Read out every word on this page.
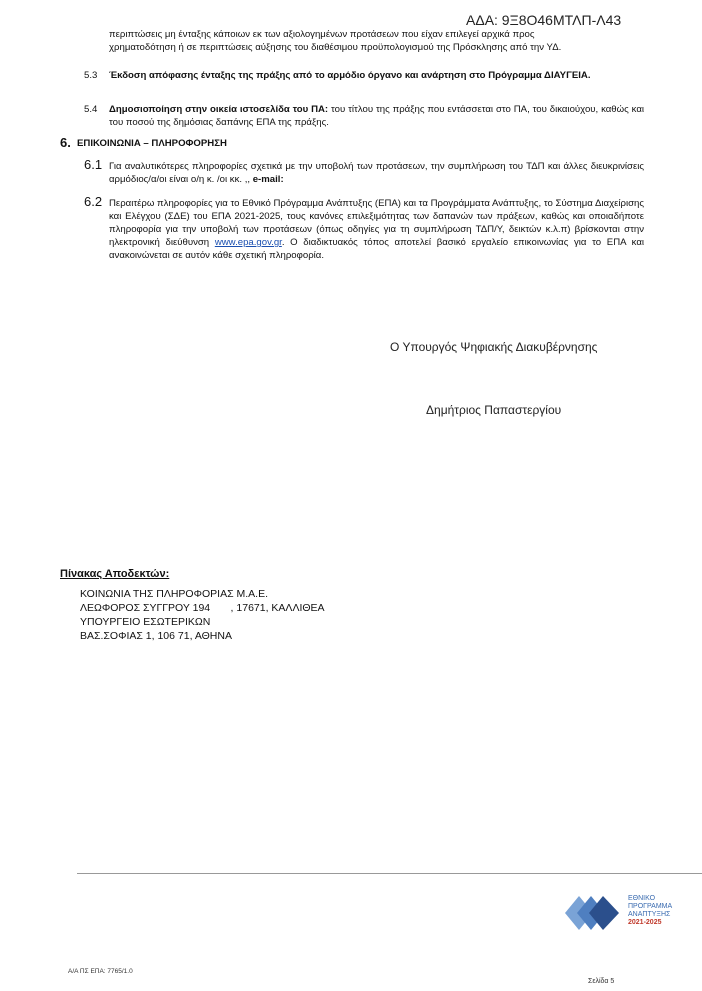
ΑΔΑ: 9Ξ8Ο46ΜΤΛΠ-Λ43
περιπτώσεις μη ένταξης κάποιων εκ των αξιολογημένων προτάσεων που είχαν επιλεγεί αρχικά προς
χρηματοδότηση ή σε περιπτώσεις αύξησης του διαθέσιμου προϋπολογισμού της Πρόσκλησης από την ΥΔ.
5.3 Έκδοση απόφασης ένταξης της πράξης από το αρμόδιο όργανο και ανάρτηση στο Πρόγραμμα ΔΙΑΥΓΕΙΑ.
5.4 Δημοσιοποίηση στην οικεία ιστοσελίδα του ΠΑ: του τίτλου της πράξης που εντάσσεται στο ΠΑ, του δικαιούχου, καθώς και του ποσού της δημόσιας δαπάνης ΕΠΑ της πράξης.
6. ΕΠΙΚΟΙΝΩΝΙΑ – ΠΛΗΡΟΦΟΡΗΣΗ
6.1 Για αναλυτικότερες πληροφορίες σχετικά με την υποβολή των προτάσεων, την συμπλήρωση του ΤΔΠ και άλλες διευκρινίσεις αρμόδιος/α/οι είναι ο/η κ. /οι κκ. ,, e-mail:
6.2 Περαιτέρω πληροφορίες για το Εθνικό Πρόγραμμα Ανάπτυξης (ΕΠΑ) και τα Προγράμματα Ανάπτυξης, το Σύστημα Διαχείρισης και Ελέγχου (ΣΔΕ) του ΕΠΑ 2021-2025, τους κανόνες επιλεξιμότητας των δαπανών των πράξεων, καθώς και οποιαδήποτε πληροφορία για την υποβολή των προτάσεων (όπως οδηγίες για τη συμπλήρωση ΤΔΠ/Υ, δεικτών κ.λ.π) βρίσκονται στην ηλεκτρονική διεύθυνση www.epa.gov.gr. Ο διαδικτυακός τόπος αποτελεί βασικό εργαλείο επικοινωνίας για το ΕΠΑ και ανακοινώνεται σε αυτόν κάθε σχετική πληροφορία.
Ο Υπουργός Ψηφιακής Διακυβέρνησης
Δημήτριος Παπαστεργίου
Πίνακας Αποδεκτών:
ΚΟΙΝΩΝΙΑ ΤΗΣ ΠΛΗΡΟΦΟΡΙΑΣ Μ.Α.Ε.
ΛΕΩΦΟΡΟΣ ΣΥΓΓΡΟΥ 194       , 17671, ΚΑΛΛΙΘΕΑ
ΥΠΟΥΡΓΕΙΟ ΕΣΩΤΕΡΙΚΩΝ
ΒΑΣ.ΣΟΦΙΑΣ 1, 106 71, ΑΘΗΝΑ
ΕΘΝΙΚΟ
ΠΡΟΓΡΑΜΜΑ
ΑΝΑΠΤΥΞΗΣ
2021-2025
Α/Α ΠΣ ΕΠΑ: 7765/1.0
Σελίδα 5
